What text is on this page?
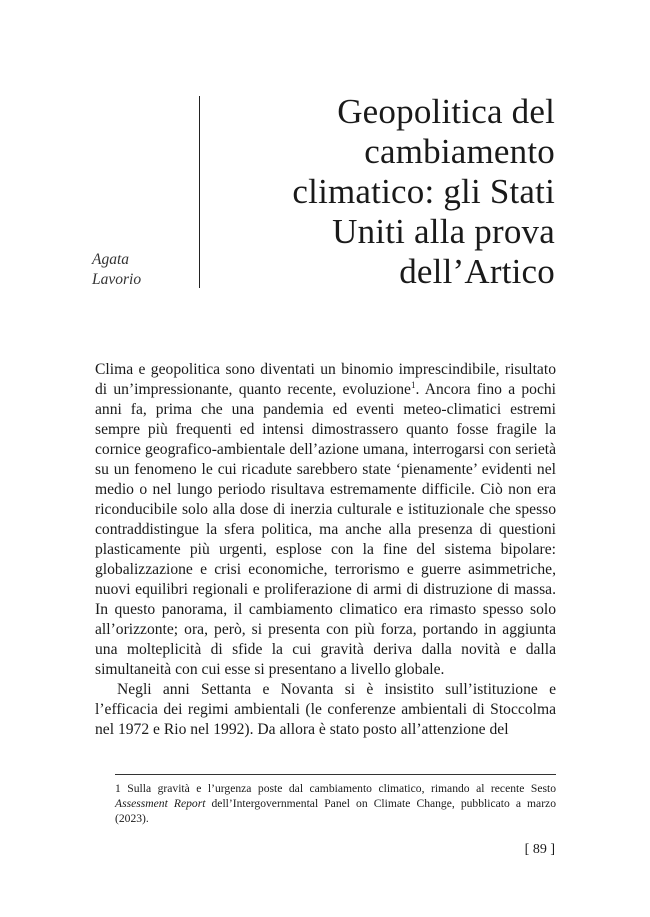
Agata
Lavorio
Geopolitica del
cambiamento
climatico: gli Stati
Uniti alla prova
dell’Artico

Clima e geopolitica sono diventati un binomio imprescindibile, risultato di un’impressionante, quanto recente, evoluzione$^1$. Ancora fino a pochi anni fa, prima che una pandemia ed eventi meteo-climatici estremi sempre più frequenti ed intensi dimostrassero quanto fosse fragile la cornice geografico-ambientale dell’azione umana, interrogarsi con serietà su un fenomeno le cui ricadute sarebbero state ‘pienamente’ evidenti nel medio o nel lungo periodo risultava estremamente difficile. Ciò non era riconducibile solo alla dose di inerzia culturale e istituzionale che spesso contraddistingue la sfera politica, ma anche alla presenza di questioni plasticamente più urgenti, esplose con la fine del sistema bipolare: globalizzazione e crisi economiche, terrorismo e guerre asimmetriche, nuovi equilibri regionali e proliferazione di armi di distruzione di massa. In questo panorama, il cambiamento climatico era rimasto spesso solo all’orizzonte; ora, però, si presenta con più forza, portando in aggiunta una molteplicità di sfide la cui gravità deriva dalla novità e dalla simultaneità con cui esse si presentano a livello globale.

Negli anni Settanta e Novanta si è insistito sull’istituzione e l’efficacia dei regimi ambientali (le conferenze ambientali di Stoccolma nel 1972 e Rio nel 1992). Da allora è stato posto all’attenzione del

1 Sulla gravità e l’urgenza poste dal cambiamento climatico, rimando al recente Sesto Assessment Report dell’Intergovernmental Panel on Climate Change, pubblicato a marzo (2023).
[ 89 ]
